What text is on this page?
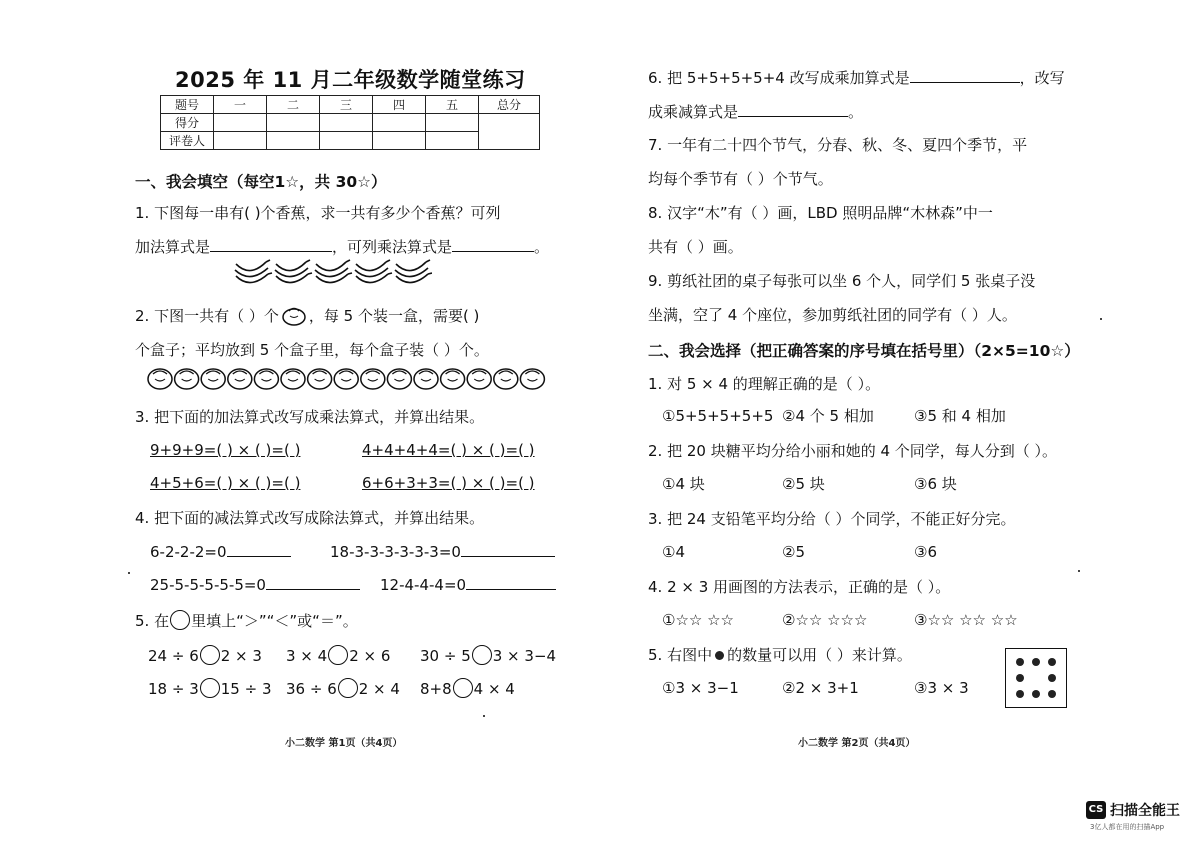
2025 年 11 月二年级数学随堂练习
题号	一	二	三	四	五	总分
得分						
评卷人						
一、我会填空（每空1☆，共 30☆）
1. 下图每一串有( )个香蕉，求一共有多少个香蕉？可列
加法算式是	，可列乘法算式是	。
2. 下图一共有（ ）个 ，每 5 个装一盒，需要( )
个盒子；平均放到 5 个盒子里，每个盒子装（ ）个。
3. 把下面的加法算式改写成乘法算式，并算出结果。
9+9+9=( ) × ( )=( )	4+4+4+4=( ) × ( )=( )
4+5+6=( ) × ( )=( )	6+6+3+3=( ) × ( )=( )
4. 把下面的减法算式改写成除法算式，并算出结果。
6-2-2-2=0	18-3-3-3-3-3-3=0
25-5-5-5-5-5=0	12-4-4-4=0
5. 在 里填上“＞”“＜”或“＝”。
24 ÷ 6 2 × 3 3 × 4 2 × 6 30 ÷ 5 3 × 3−4
18 ÷ 3 15 ÷ 3 36 ÷ 6 2 × 4 8+8 4 × 4
小二数学 第1页（共4页）
6. 把 5+5+5+5+4 改写成乘加算式是	，改写
成乘减算式是	。
7. 一年有二十四个节气，分春、秋、冬、夏四个季节，平
均每个季节有（ ）个节气。
8. 汉字“木”有（ ）画，LBD 照明品牌“木林森”中一
共有（ ）画。
9. 剪纸社团的桌子每张可以坐 6 个人，同学们 5 张桌子没
坐满，空了 4 个座位，参加剪纸社团的同学有（ ）人。
二、我会选择（把正确答案的序号填在括号里）（2×5=10☆）
1. 对 5 × 4 的理解正确的是（ ）。
①5+5+5+5+5 ②4 个 5 相加	③5 和 4 相加
2. 把 20 块糖平均分给小丽和她的 4 个同学，每人分到（ ）。
①4 块	②5 块	③6 块
3. 把 24 支铅笔平均分给（ ）个同学，不能正好分完。
①4	②5	③6
4. 2 × 3 用画图的方法表示，正确的是（ ）。
①☆☆ ☆☆	②☆☆ ☆☆☆	③☆☆ ☆☆ ☆☆
5. 右图中 的数量可以用（ ）来计算。
①3 × 3−1	②2 × 3+1	③3 × 3
小二数学 第2页（共4页）
CS 扫描全能王
3亿人都在用的扫描App
